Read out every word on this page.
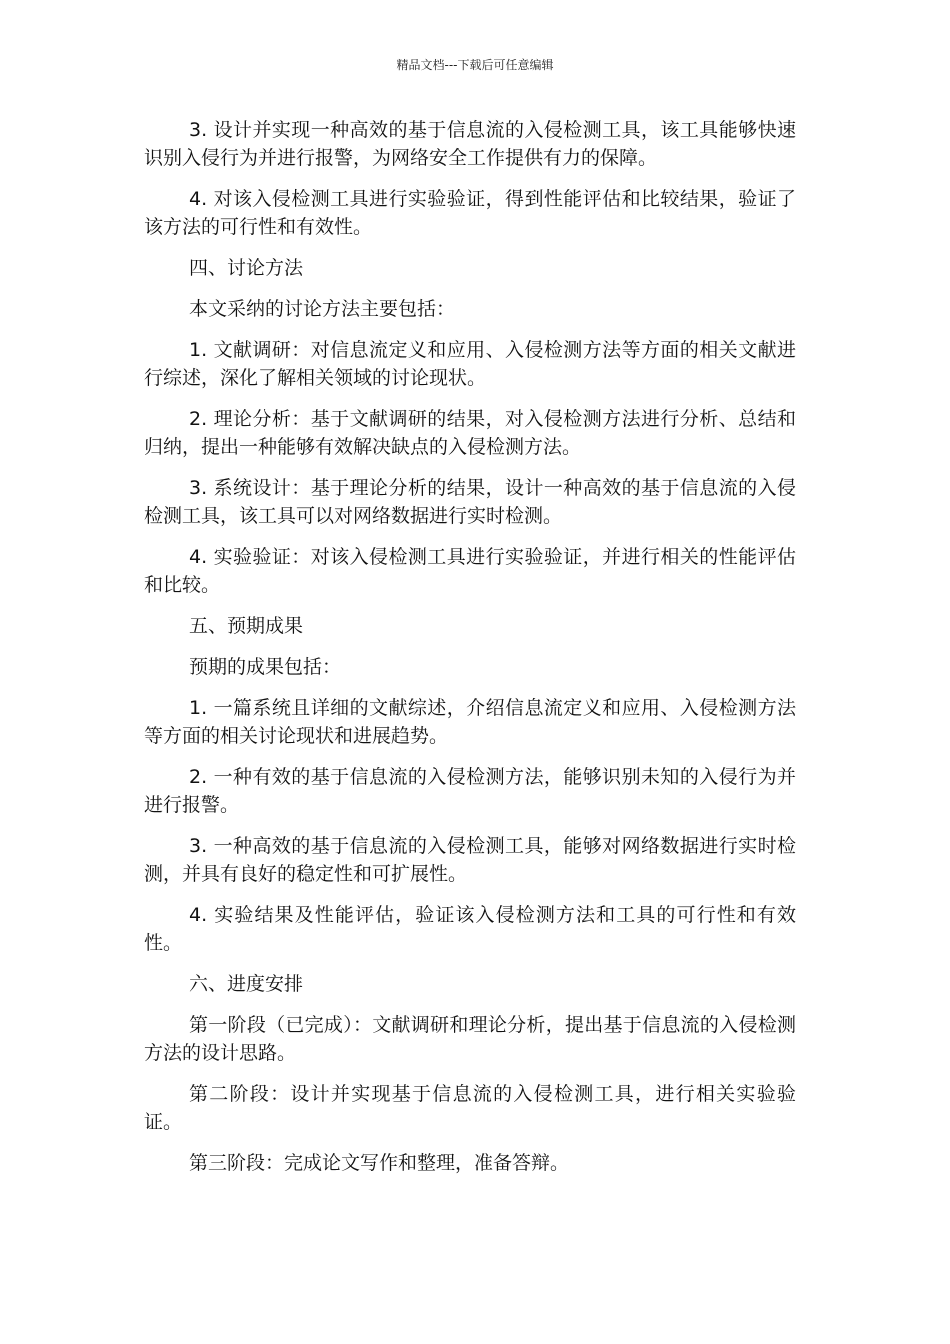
精品文档---下载后可任意编辑

3. 设计并实现一种高效的基于信息流的入侵检测工具，该工具能够快速识别入侵行为并进行报警，为网络安全工作提供有力的保障。

4. 对该入侵检测工具进行实验验证，得到性能评估和比较结果，验证了该方法的可行性和有效性。

四、讨论方法

本文采纳的讨论方法主要包括：

1. 文献调研：对信息流定义和应用、入侵检测方法等方面的相关文献进行综述，深化了解相关领域的讨论现状。

2. 理论分析：基于文献调研的结果，对入侵检测方法进行分析、总结和归纳，提出一种能够有效解决缺点的入侵检测方法。

3. 系统设计：基于理论分析的结果，设计一种高效的基于信息流的入侵检测工具，该工具可以对网络数据进行实时检测。

4. 实验验证：对该入侵检测工具进行实验验证，并进行相关的性能评估和比较。

五、预期成果

预期的成果包括：

1. 一篇系统且详细的文献综述，介绍信息流定义和应用、入侵检测方法等方面的相关讨论现状和进展趋势。

2. 一种有效的基于信息流的入侵检测方法，能够识别未知的入侵行为并进行报警。

3. 一种高效的基于信息流的入侵检测工具，能够对网络数据进行实时检测，并具有良好的稳定性和可扩展性。

4. 实验结果及性能评估，验证该入侵检测方法和工具的可行性和有效性。

六、进度安排

第一阶段（已完成）：文献调研和理论分析，提出基于信息流的入侵检测方法的设计思路。

第二阶段：设计并实现基于信息流的入侵检测工具，进行相关实验验证。

第三阶段：完成论文写作和整理，准备答辩。
